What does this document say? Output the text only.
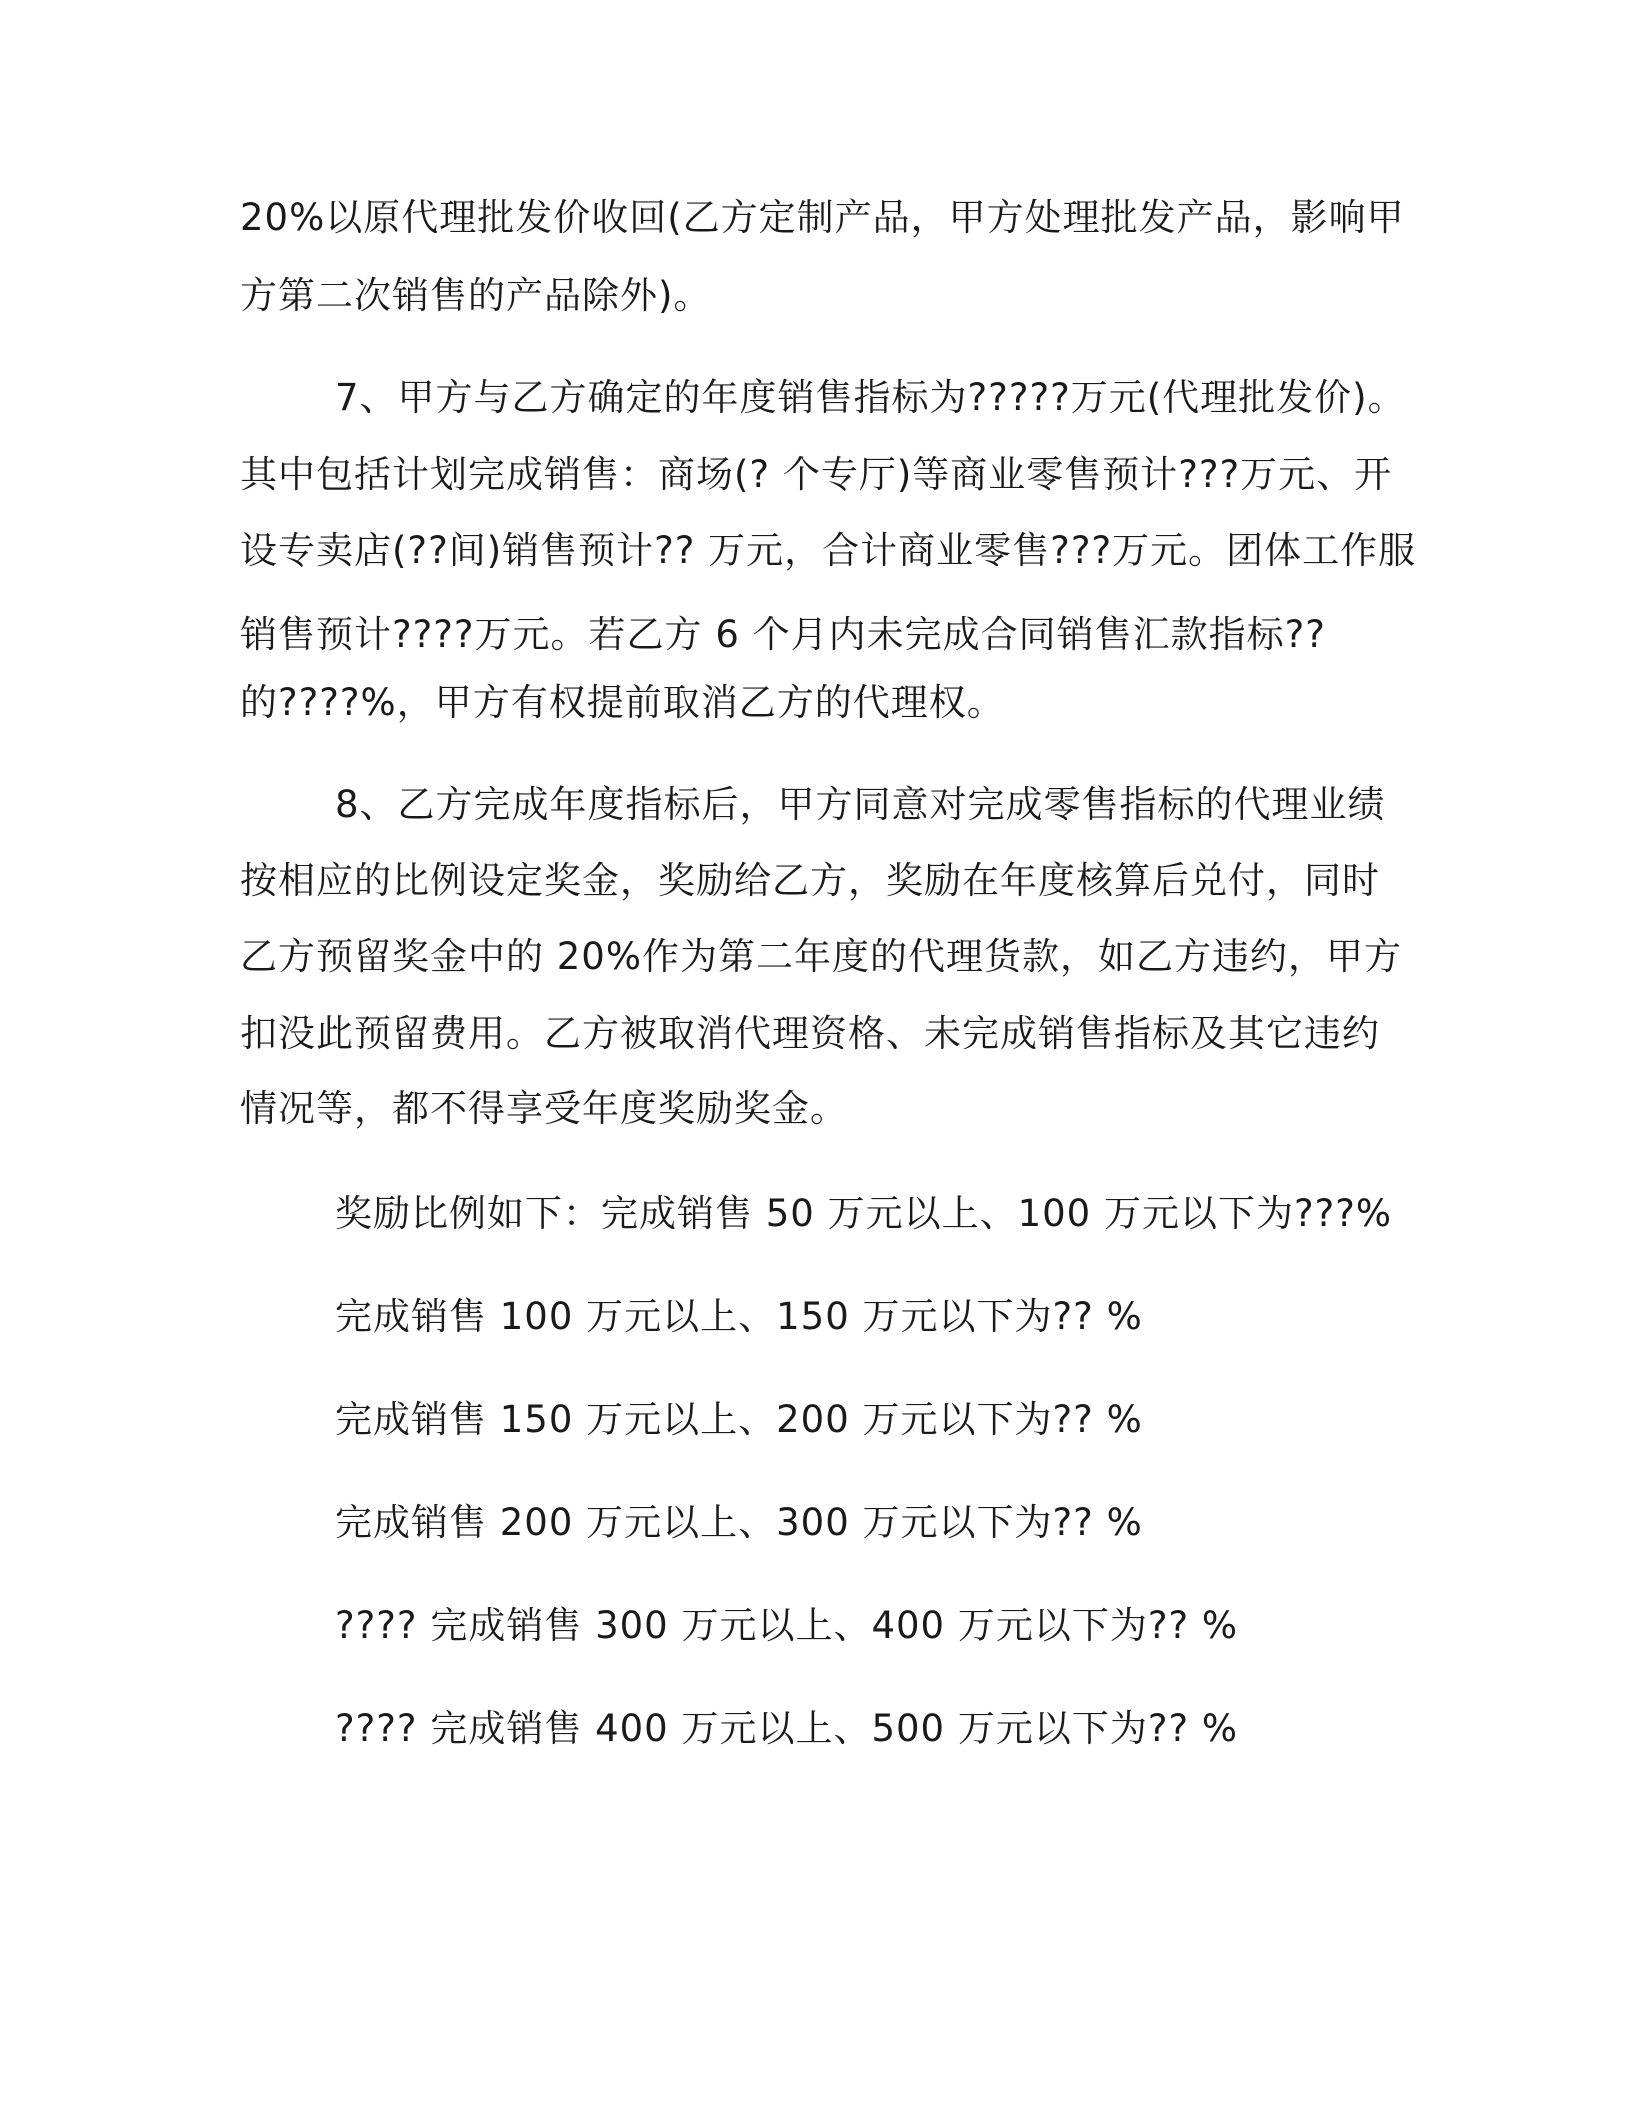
20%以原代理批发价收回(乙方定制产品，甲方处理批发产品，影响甲
方第二次销售的产品除外)。
7、甲方与乙方确定的年度销售指标为?????万元(代理批发价)。
其中包括计划完成销售：商场(? 个专厅)等商业零售预计???万元、开
设专卖店(??间)销售预计?? 万元，合计商业零售???万元。团体工作服
销售预计????万元。若乙方 6 个月内未完成合同销售汇款指标??
的????%，甲方有权提前取消乙方的代理权。
8、乙方完成年度指标后，甲方同意对完成零售指标的代理业绩
按相应的比例设定奖金，奖励给乙方，奖励在年度核算后兑付，同时
乙方预留奖金中的 20%作为第二年度的代理货款，如乙方违约，甲方
扣没此预留费用。乙方被取消代理资格、未完成销售指标及其它违约
情况等，都不得享受年度奖励奖金。
奖励比例如下：完成销售 50 万元以上、100 万元以下为???%
完成销售 100 万元以上、150 万元以下为?? %
完成销售 150 万元以上、200 万元以下为?? %
完成销售 200 万元以上、300 万元以下为?? %
???? 完成销售 300 万元以上、400 万元以下为?? %
???? 完成销售 400 万元以上、500 万元以下为?? %
